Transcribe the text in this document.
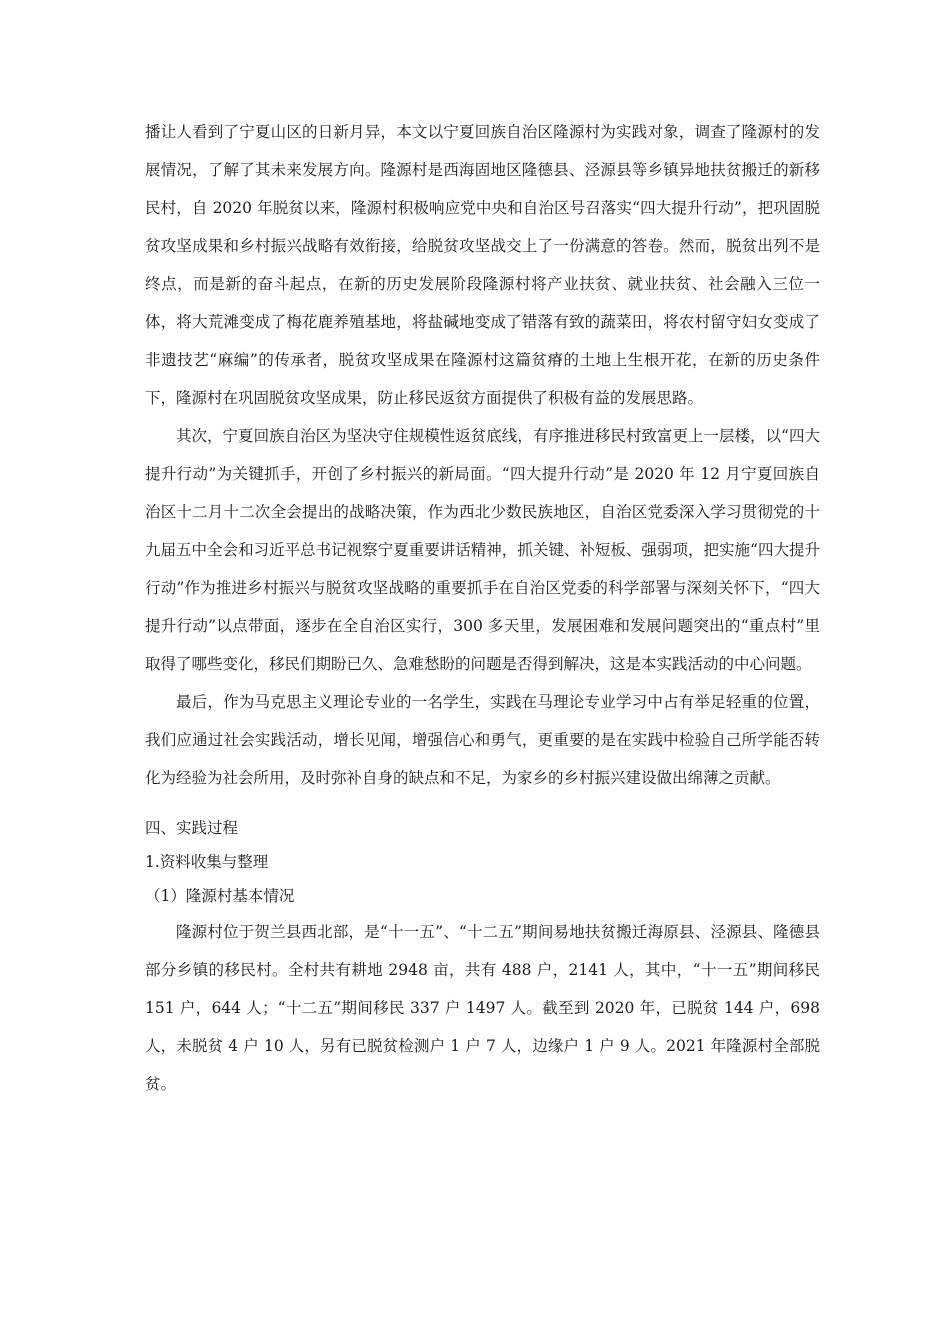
播让人看到了宁夏山区的日新月异，本文以宁夏回族自治区隆源村为实践对象，调查了隆源村的发展情况，了解了其未来发展方向。隆源村是西海固地区隆德县、泾源县等乡镇异地扶贫搬迁的新移民村，自 2020 年脱贫以来，隆源村积极响应党中央和自治区号召落实“四大提升行动”，把巩固脱贫攻坚成果和乡村振兴战略有效衔接，给脱贫攻坚战交上了一份满意的答卷。然而，脱贫出列不是终点，而是新的奋斗起点，在新的历史发展阶段隆源村将产业扶贫、就业扶贫、社会融入三位一体，将大荒滩变成了梅花鹿养殖基地，将盐碱地变成了错落有致的蔬菜田，将农村留守妇女变成了非遗技艺“麻编”的传承者，脱贫攻坚成果在隆源村这篇贫瘠的土地上生根开花，在新的历史条件下，隆源村在巩固脱贫攻坚成果，防止移民返贫方面提供了积极有益的发展思路。

其次，宁夏回族自治区为坚决守住规模性返贫底线，有序推进移民村致富更上一层楼，以“四大提升行动”为关键抓手，开创了乡村振兴的新局面。“四大提升行动”是 2020 年 12 月宁夏回族自治区十二月十二次全会提出的战略决策，作为西北少数民族地区，自治区党委深入学习贯彻党的十九届五中全会和习近平总书记视察宁夏重要讲话精神，抓关键、补短板、强弱项，把实施“四大提升行动”作为推进乡村振兴与脱贫攻坚战略的重要抓手在自治区党委的科学部署与深刻关怀下，“四大提升行动”以点带面，逐步在全自治区实行，300 多天里，发展困难和发展问题突出的“重点村”里取得了哪些变化，移民们期盼已久、急难愁盼的问题是否得到解决，这是本实践活动的中心问题。

最后，作为马克思主义理论专业的一名学生，实践在马理论专业学习中占有举足轻重的位置，我们应通过社会实践活动，增长见闻，增强信心和勇气，更重要的是在实践中检验自己所学能否转化为经验为社会所用，及时弥补自身的缺点和不足，为家乡的乡村振兴建设做出绵薄之贡献。

四、实践过程

1.资料收集与整理

（1）隆源村基本情况

隆源村位于贺兰县西北部，是“十一五”、“十二五”期间易地扶贫搬迁海原县、泾源县、隆德县部分乡镇的移民村。全村共有耕地 2948 亩，共有 488 户，2141 人，其中，“十一五”期间移民 151 户，644 人；“十二五”期间移民 337 户 1497 人。截至到 2020 年，已脱贫 144 户，698 人，未脱贫 4 户 10 人，另有已脱贫检测户 1 户 7 人，边缘户 1 户 9 人。2021 年隆源村全部脱贫。
